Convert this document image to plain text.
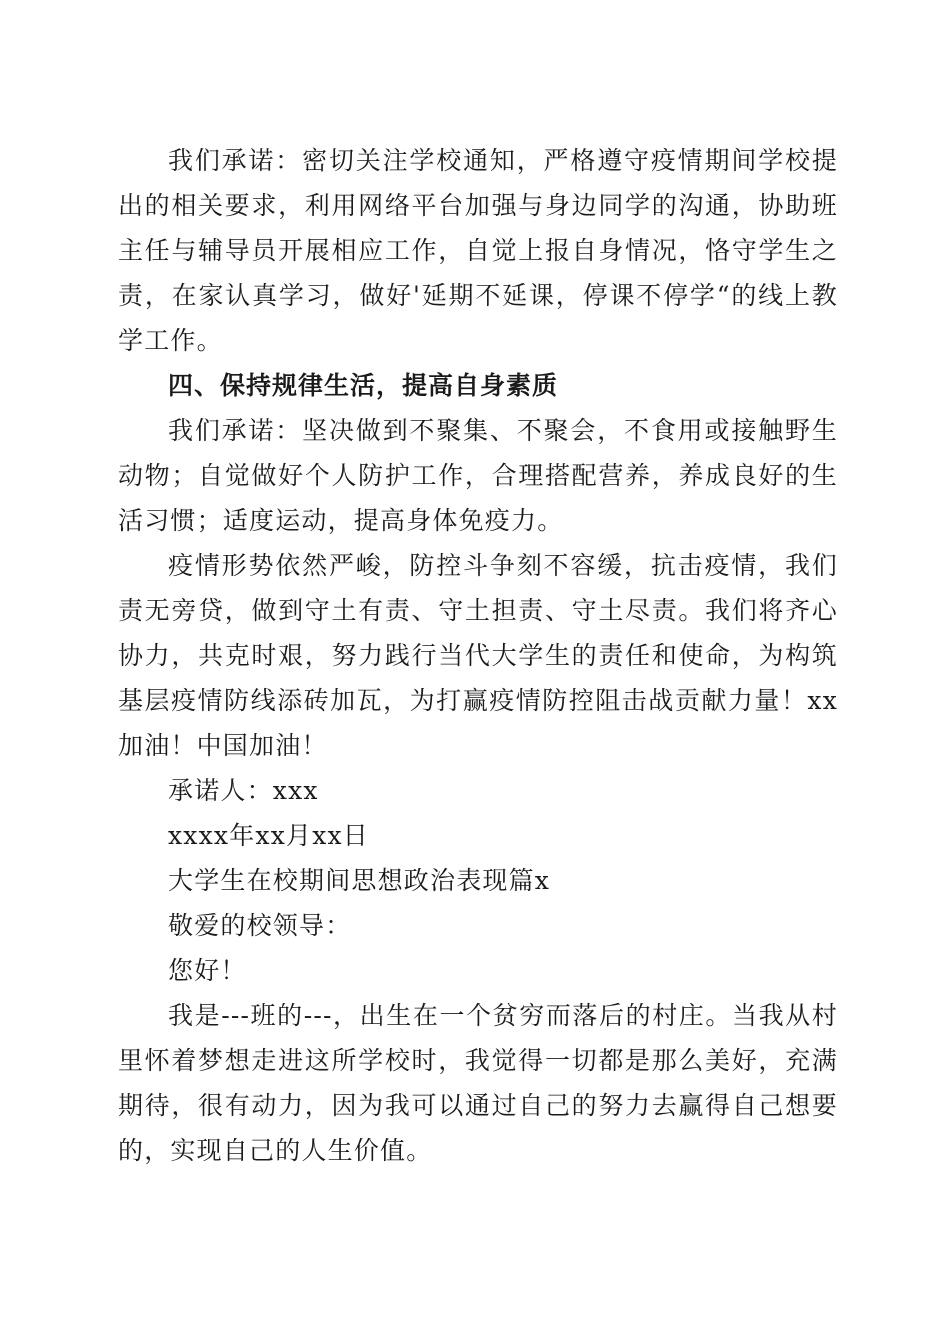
我们承诺：密切关注学校通知，严格遵守疫情期间学校提出的相关要求，利用网络平台加强与身边同学的沟通，协助班主任与辅导员开展相应工作，自觉上报自身情况，恪守学生之责，在家认真学习，做好'延期不延课，停课不停学“的线上教学工作。

四、保持规律生活，提高自身素质

我们承诺：坚决做到不聚集、不聚会，不食用或接触野生动物；自觉做好个人防护工作，合理搭配营养，养成良好的生活习惯；适度运动，提高身体免疫力。

疫情形势依然严峻，防控斗争刻不容缓，抗击疫情，我们责无旁贷，做到守土有责、守土担责、守土尽责。我们将齐心协力，共克时艰，努力践行当代大学生的责任和使命，为构筑基层疫情防线添砖加瓦，为打赢疫情防控阻击战贡献力量！xx加油！中国加油！

承诺人：xxx

xxxx年xx月xx日

大学生在校期间思想政治表现篇x

敬爱的校领导：

您好！

我是---班的---，出生在一个贫穷而落后的村庄。当我从村里怀着梦想走进这所学校时，我觉得一切都是那么美好，充满期待，很有动力，因为我可以通过自己的努力去赢得自己想要的，实现自己的人生价值。
